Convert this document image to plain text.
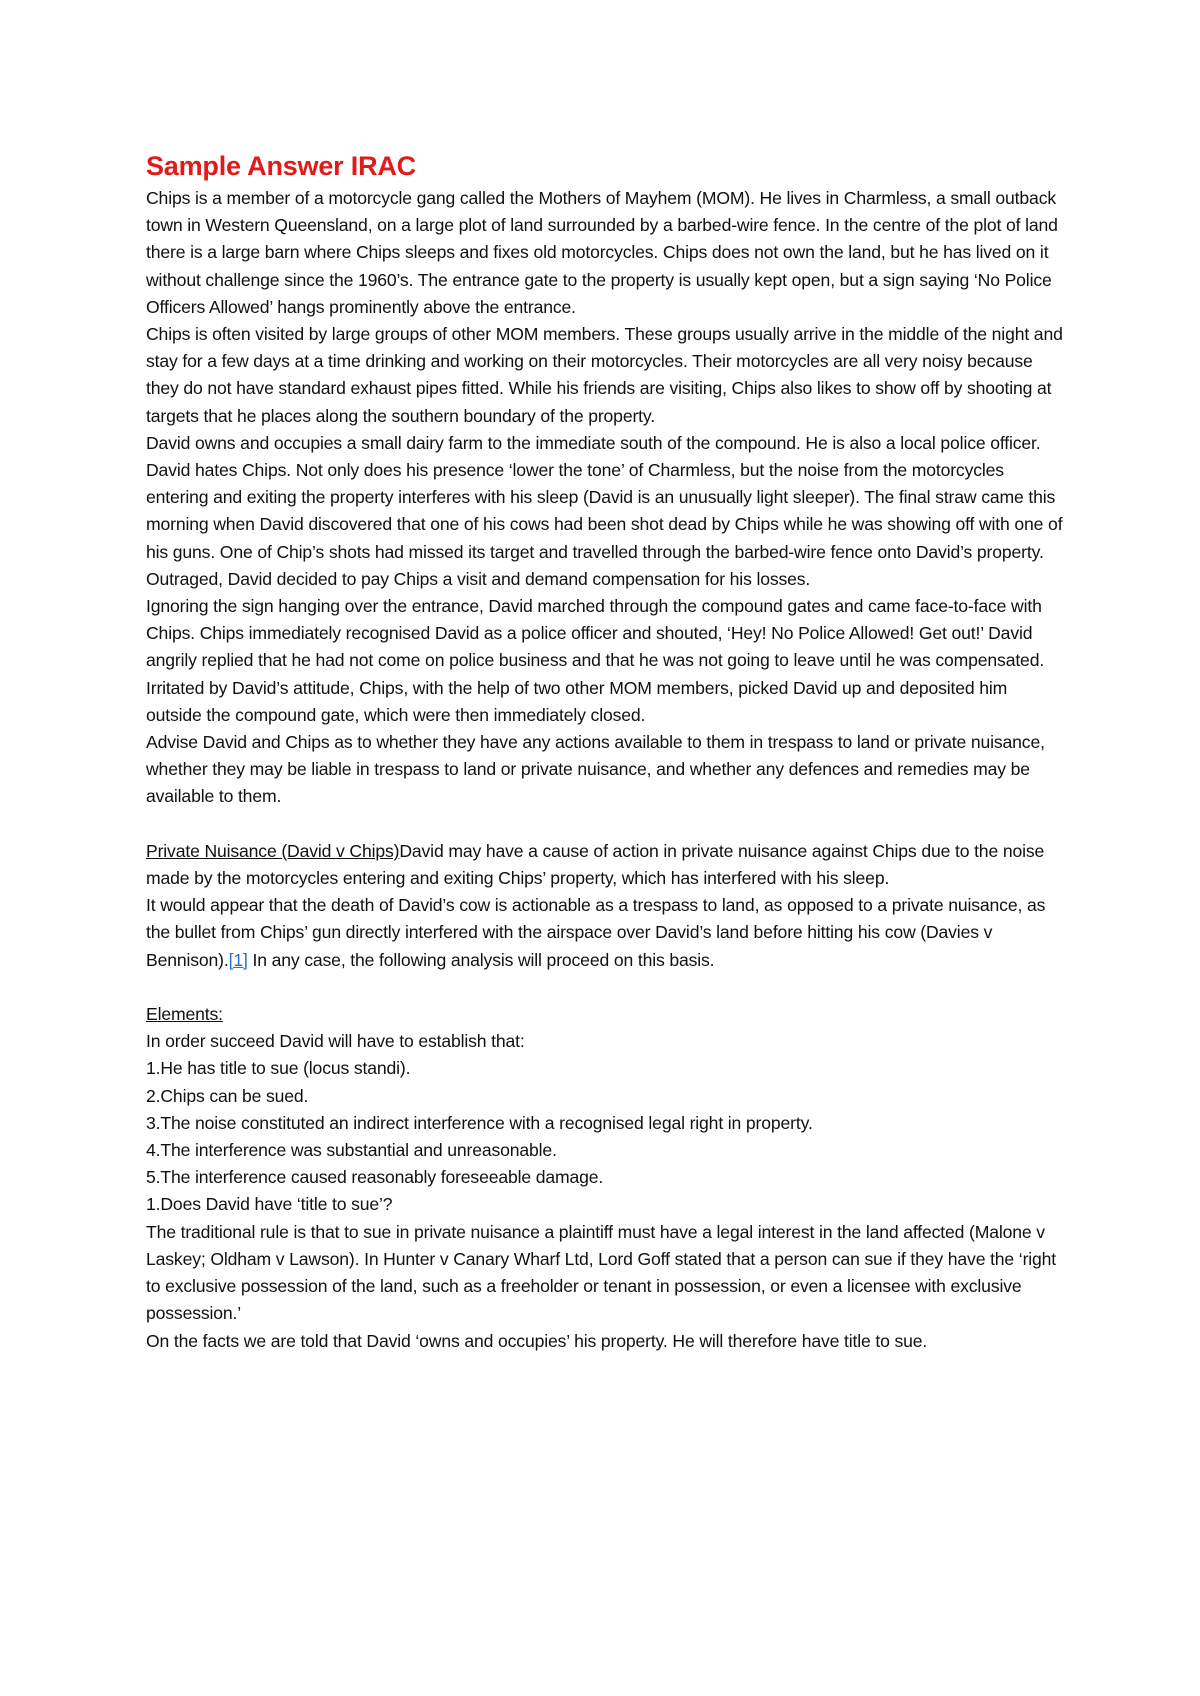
Sample Answer IRAC

Chips is a member of a motorcycle gang called the Mothers of Mayhem (MOM). He lives in Charmless, a small outback town in Western Queensland, on a large plot of land surrounded by a barbed-wire fence. In the centre of the plot of land there is a large barn where Chips sleeps and fixes old motorcycles. Chips does not own the land, but he has lived on it without challenge since the 1960’s. The entrance gate to the property is usually kept open, but a sign saying ‘No Police Officers Allowed’ hangs prominently above the entrance.

Chips is often visited by large groups of other MOM members. These groups usually arrive in the middle of the night and stay for a few days at a time drinking and working on their motorcycles. Their motorcycles are all very noisy because they do not have standard exhaust pipes fitted. While his friends are visiting, Chips also likes to show off by shooting at targets that he places along the southern boundary of the property.

David owns and occupies a small dairy farm to the immediate south of the compound. He is also a local police officer. David hates Chips. Not only does his presence ‘lower the tone’ of Charmless, but the noise from the motorcycles entering and exiting the property interferes with his sleep (David is an unusually light sleeper). The final straw came this morning when David discovered that one of his cows had been shot dead by Chips while he was showing off with one of his guns. One of Chip’s shots had missed its target and travelled through the barbed-wire fence onto David’s property. Outraged, David decided to pay Chips a visit and demand compensation for his losses.

Ignoring the sign hanging over the entrance, David marched through the compound gates and came face-to-face with Chips. Chips immediately recognised David as a police officer and shouted, ‘Hey! No Police Allowed! Get out!’ David angrily replied that he had not come on police business and that he was not going to leave until he was compensated. Irritated by David’s attitude, Chips, with the help of two other MOM members, picked David up and deposited him outside the compound gate, which were then immediately closed.

Advise David and Chips as to whether they have any actions available to them in trespass to land or private nuisance, whether they may be liable in trespass to land or private nuisance, and whether any defences and remedies may be available to them.

Private Nuisance (David v Chips)David may have a cause of action in private nuisance against Chips due to the noise made by the motorcycles entering and exiting Chips’ property, which has interfered with his sleep.

It would appear that the death of David’s cow is actionable as a trespass to land, as opposed to a private nuisance, as the bullet from Chips’ gun directly interfered with the airspace over David’s land before hitting his cow (Davies v Bennison).[1] In any case, the following analysis will proceed on this basis.

Elements:

In order succeed David will have to establish that:

1.He has title to sue (locus standi).

2.Chips can be sued.

3.The noise constituted an indirect interference with a recognised legal right in property.

4.The interference was substantial and unreasonable.

5.The interference caused reasonably foreseeable damage.

1.Does David have ‘title to sue’?

The traditional rule is that to sue in private nuisance a plaintiff must have a legal interest in the land affected (Malone v Laskey; Oldham v Lawson). In Hunter v Canary Wharf Ltd, Lord Goff stated that a person can sue if they have the ‘right to exclusive possession of the land, such as a freeholder or tenant in possession, or even a licensee with exclusive possession.’

On the facts we are told that David ‘owns and occupies’ his property. He will therefore have title to sue.
